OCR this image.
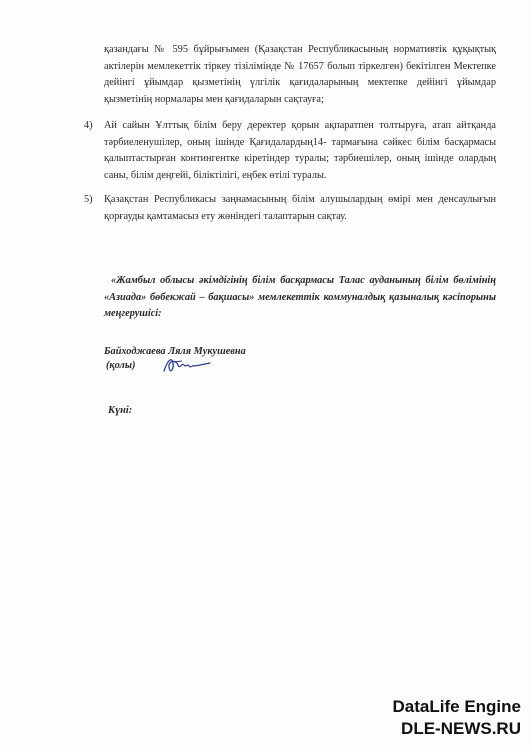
қазандағы № 595 бұйрығымен (Қазақстан Республикасының нормативтік құқықтық актілерін мемлекеттік тіркеу тізілімінде № 17657 болып тіркелген) бекітілген Мектепке дейінгі ұйымдар қызметінің үлгілік қағидаларының мектепке дейінгі ұйымдар қызметінің нормалары мен қағидаларын сақтауға;
4) Ай сайын Ұлттық білім беру деректер қорын ақпаратпен толтыруға, атап айтқанда тәрбиеленушілер, оның ішінде Қағидалардың14- тармағына сәйкес білім басқармасы қалыптастырған контингентке кіретіндер туралы; тәрбиешілер, оның ішінде олардың саны, білім деңгейі, біліктілігі, еңбек өтілі туралы.
5) Қазақстан Республикасы заңнамасының білім алушылардың өмірі мен денсаулығын қорғауды қамтамасыз ету жөніндегі талаптарын сақтау.
«Жамбыл облысы әкімдігінің білім басқармасы Талас ауданының білім бөлімінің «Азиада» бөбекжай – бақшасы» мемлекеттік коммуналдық қазыналық кәсіпорыны меңгерушісі:
Байходжаева Ляля Мукушевна
(қолы)
Күні:
DataLife Engine
DLE-NEWS.RU
